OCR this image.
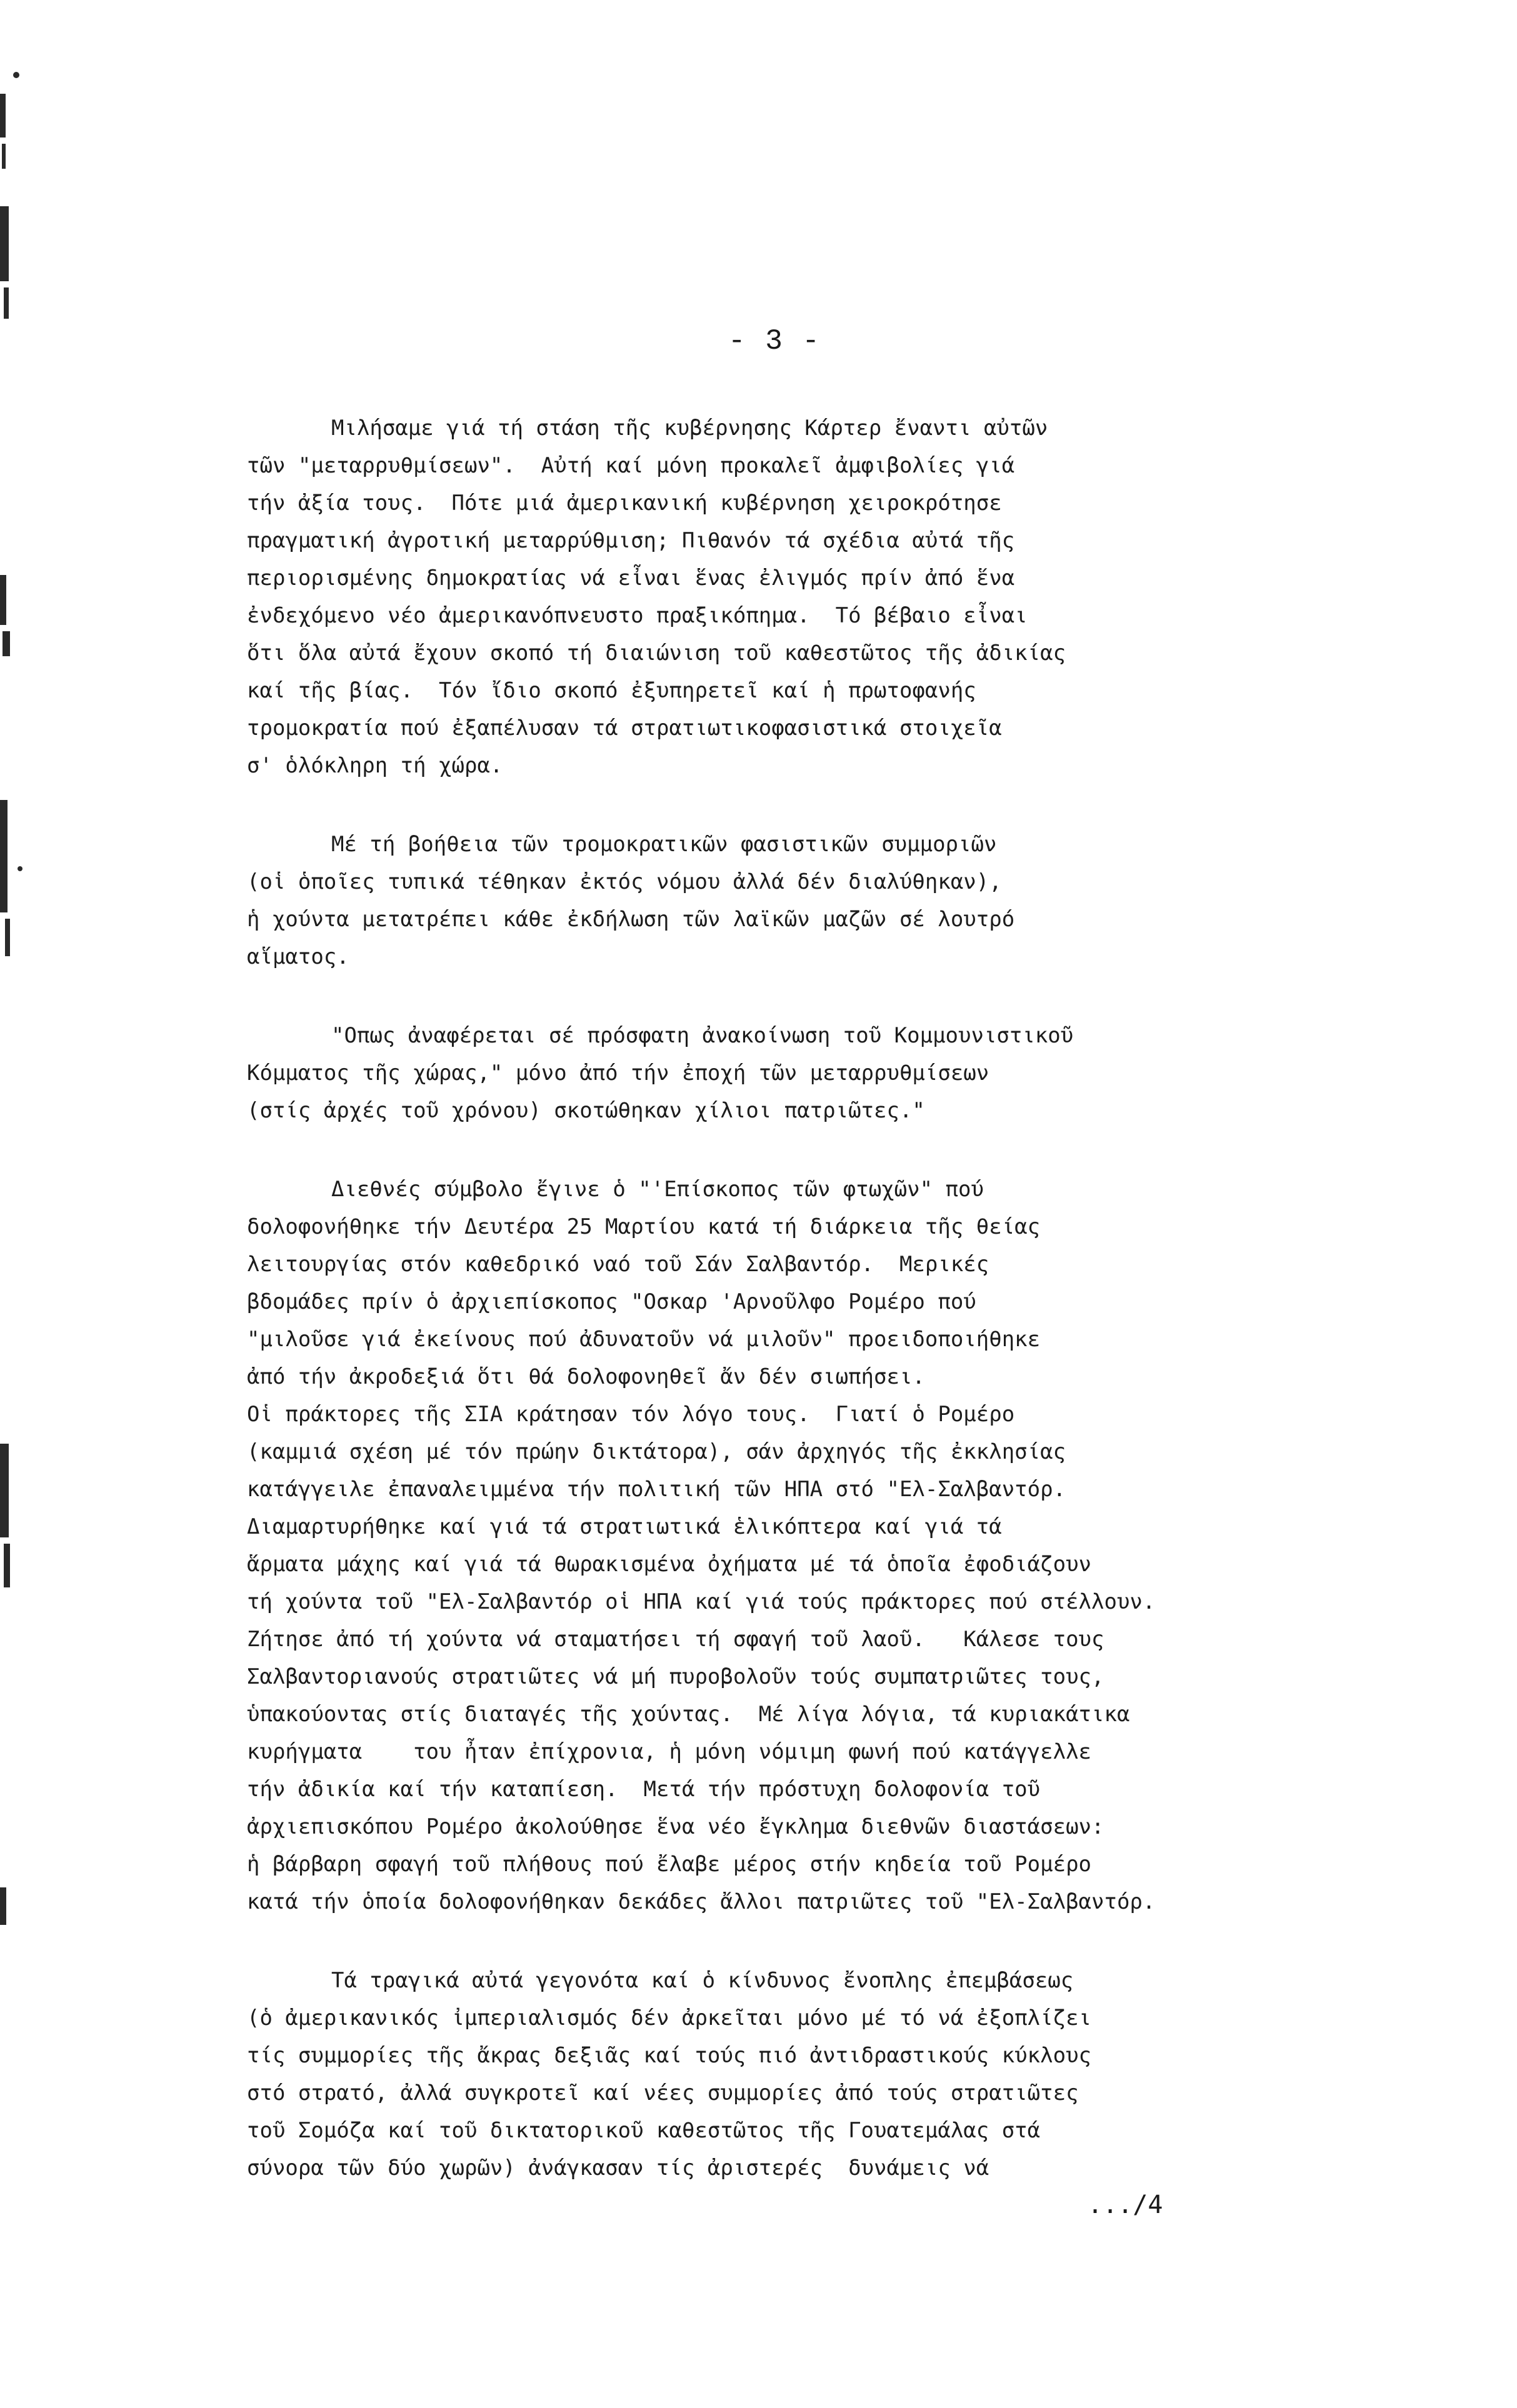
- 3 -
Μιλήσαμε γιά τή στάση τῆς κυβέρνησης Κάρτερ ἔναντι αὐτῶν
τῶν "μεταρρυθμίσεων".  Αὐτή καί μόνη προκαλεῖ ἀμφιβολίες γιά
τήν ἀξία τους.  Πότε μιά ἀμερικανική κυβέρνηση χειροκρότησε
πραγματική ἀγροτική μεταρρύθμιση; Πιθανόν τά σχέδια αὐτά τῆς
περιορισμένης δημοκρατίας νά εἶναι ἕνας ἐλιγμός πρίν ἀπό ἕνα
ἐνδεχόμενο νέο ἀμερικανόπνευστο πραξικόπημα.  Τό βέβαιο εἶναι
ὅτι ὅλα αὐτά ἔχουν σκοπό τή διαιώνιση τοῦ καθεστῶτος τῆς ἀδικίας
καί τῆς βίας.  Τόν ἴδιο σκοπό ἐξυπηρετεῖ καί ἡ πρωτοφανής
τρομοκρατία πού ἐξαπέλυσαν τά στρατιωτικοφασιστικά στοιχεῖα
σ' ὁλόκληρη τή χώρα.
Μέ τή βοήθεια τῶν τρομοκρατικῶν φασιστικῶν συμμοριῶν
(οἱ ὁποῖες τυπικά τέθηκαν ἐκτός νόμου ἀλλά δέν διαλύθηκαν),
ἡ χούντα μετατρέπει κάθε ἐκδήλωση τῶν λαϊκῶν μαζῶν σέ λουτρό
αἵματος.
"Οπως ἀναφέρεται σέ πρόσφατη ἀνακοίνωση τοῦ Κομμουνιστικοῦ
Κόμματος τῆς χώρας," μόνο ἀπό τήν ἐποχή τῶν μεταρρυθμίσεων
(στίς ἀρχές τοῦ χρόνου) σκοτώθηκαν χίλιοι πατριῶτες."
Διεθνές σύμβολο ἔγινε ὁ "'Επίσκοπος τῶν φτωχῶν" πού
δολοφονήθηκε τήν Δευτέρα 25 Μαρτίου κατά τή διάρκεια τῆς θείας
λειτουργίας στόν καθεδρικό ναό τοῦ Σάν Σαλβαντόρ.  Μερικές
βδομάδες πρίν ὁ ἀρχιεπίσκοπος "Οσκαρ 'Αρνοῦλφο Ρομέρο πού
"μιλοῦσε γιά ἐκείνους πού ἀδυνατοῦν νά μιλοῦν" προειδοποιήθηκε
ἀπό τήν ἀκροδεξιά ὅτι θά δολοφονηθεῖ ἄν δέν σιωπήσει.
Οἱ πράκτορες τῆς ΣΙΑ κράτησαν τόν λόγο τους.  Γιατί ὁ Ρομέρο
(καμμιά σχέση μέ τόν πρώην δικτάτορα), σάν ἀρχηγός τῆς ἐκκλησίας
κατάγγειλε ἐπαναλειμμένα τήν πολιτική τῶν ΗΠΑ στό "Ελ-Σαλβαντόρ.
Διαμαρτυρήθηκε καί γιά τά στρατιωτικά ἑλικόπτερα καί γιά τά
ἅρματα μάχης καί γιά τά θωρακισμένα ὀχήματα μέ τά ὁποῖα ἐφοδιάζουν
τή χούντα τοῦ "Ελ-Σαλβαντόρ οἱ ΗΠΑ καί γιά τούς πράκτορες πού στέλλουν.
Ζήτησε ἀπό τή χούντα νά σταματήσει τή σφαγή τοῦ λαοῦ.   Κάλεσε τους
Σαλβαντοριανούς στρατιῶτες νά μή πυροβολοῦν τούς συμπατριῶτες τους,
ὑπακούοντας στίς διαταγές τῆς χούντας.  Μέ λίγα λόγια, τά κυριακάτικα
κυρήγματα    του ἦταν ἐπίχρονια, ἡ μόνη νόμιμη φωνή πού κατάγγελλε
τήν ἀδικία καί τήν καταπίεση.  Μετά τήν πρόστυχη δολοφονία τοῦ
ἀρχιεπισκόπου Ρομέρο ἀκολούθησε ἕνα νέο ἔγκλημα διεθνῶν διαστάσεων:
ἡ βάρβαρη σφαγή τοῦ πλήθους πού ἔλαβε μέρος στήν κηδεία τοῦ Ρομέρο
κατά τήν ὁποία δολοφονήθηκαν δεκάδες ἄλλοι πατριῶτες τοῦ "Ελ-Σαλβαντόρ.
Τά τραγικά αὐτά γεγονότα καί ὁ κίνδυνος ἔνοπλης ἐπεμβάσεως
(ὁ ἀμερικανικός ἰμπεριαλισμός δέν ἀρκεῖται μόνο μέ τό νά ἐξοπλίζει
τίς συμμορίες τῆς ἄκρας δεξιᾶς καί τούς πιό ἀντιδραστικούς κύκλους
στό στρατό, ἀλλά συγκροτεῖ καί νέες συμμορίες ἀπό τούς στρατιῶτες
τοῦ Σομόζα καί τοῦ δικτατορικοῦ καθεστῶτος τῆς Γουατεμάλας στά
σύνορα τῶν δύο χωρῶν) ἀνάγκασαν τίς ἀριστερές  δυνάμεις νά
.../4
